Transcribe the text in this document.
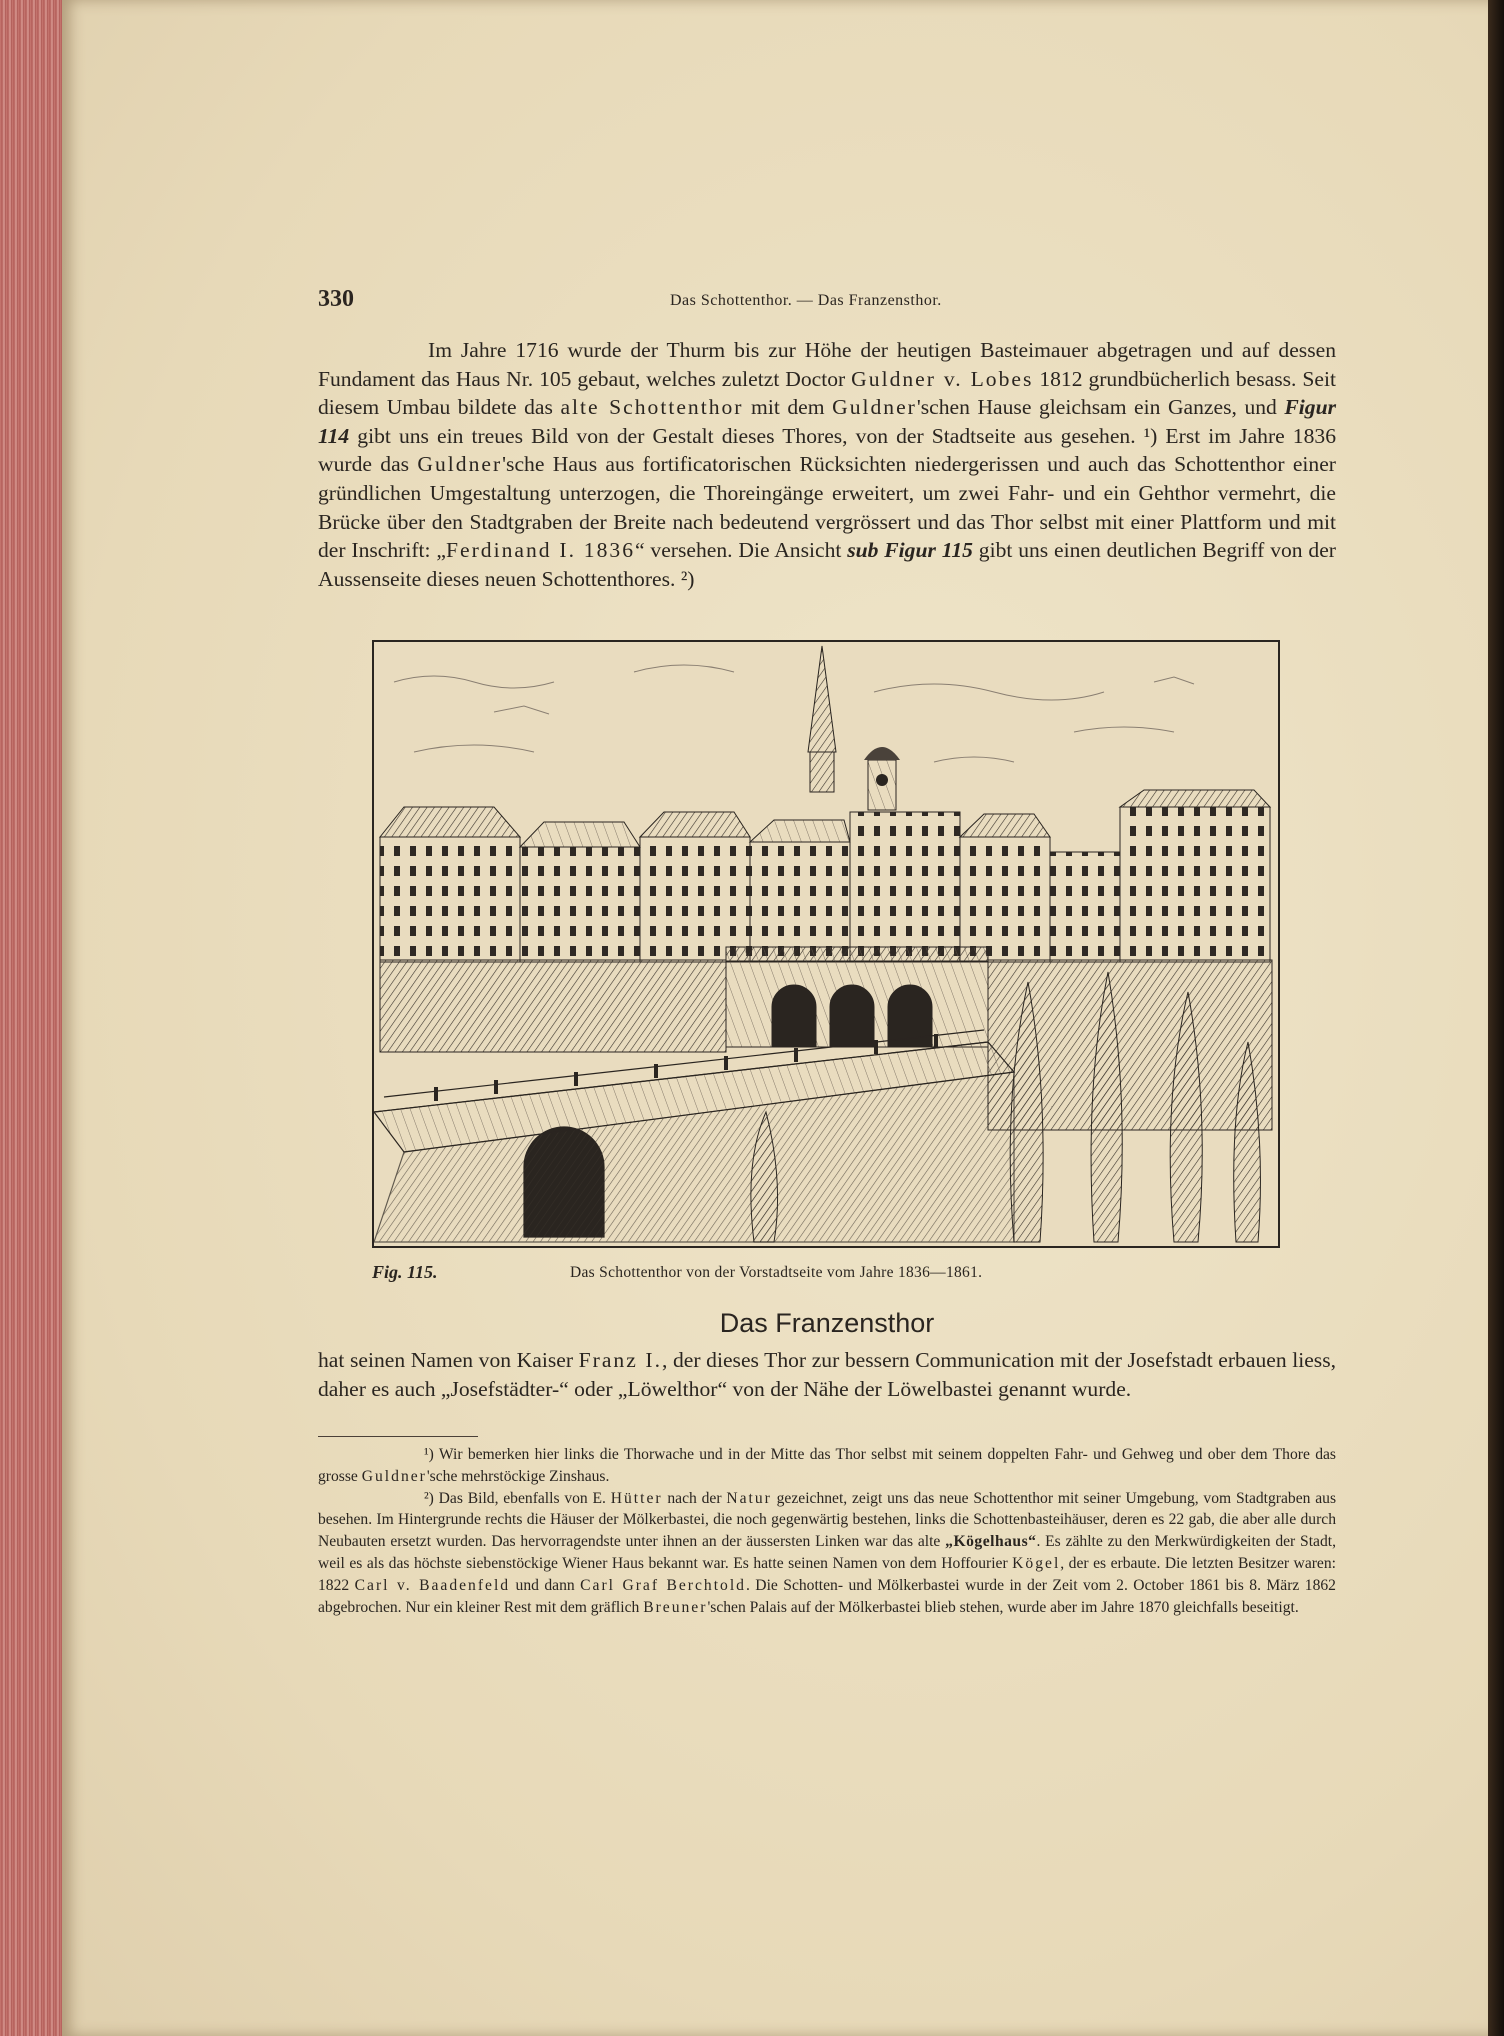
330	Das Schottenthor. — Das Franzensthor.

Im Jahre 1716 wurde der Thurm bis zur Höhe der heutigen Basteimauer abgetragen und auf dessen Fundament das Haus Nr. 105 gebaut, welches zuletzt Doctor Guldner v. Lobes 1812 grundbücherlich besass. Seit diesem Umbau bildete das alte Schottenthor mit dem Guldner'schen Hause gleichsam ein Ganzes, und Figur 114 gibt uns ein treues Bild von der Gestalt dieses Thores, von der Stadtseite aus gesehen. ¹) Erst im Jahre 1836 wurde das Guldner'sche Haus aus fortificatorischen Rücksichten niedergerissen und auch das Schottenthor einer gründlichen Umgestaltung unterzogen, die Thoreingänge erweitert, um zwei Fahr- und ein Gehthor vermehrt, die Brücke über den Stadtgraben der Breite nach bedeutend vergrössert und das Thor selbst mit einer Plattform und mit der Inschrift: „Ferdinand I. 1836“ versehen. Die Ansicht sub Figur 115 gibt uns einen deutlichen Begriff von der Aussenseite dieses neuen Schottenthores. ²)

Fig. 115.	Das Schottenthor von der Vorstadtseite vom Jahre 1836—1861.
Das Franzensthor

hat seinen Namen von Kaiser Franz I., der dieses Thor zur bessern Communication mit der Josefstadt erbauen liess, daher es auch „Josefstädter-“ oder „Löwelthor“ von der Nähe der Löwelbastei genannt wurde.

¹) Wir bemerken hier links die Thorwache und in der Mitte das Thor selbst mit seinem doppelten Fahr- und Gehweg und ober dem Thore das grosse Guldner'sche mehrstöckige Zinshaus.

²) Das Bild, ebenfalls von E. Hütter nach der Natur gezeichnet, zeigt uns das neue Schottenthor mit seiner Umgebung, vom Stadtgraben aus besehen. Im Hintergrunde rechts die Häuser der Mölkerbastei, die noch gegenwärtig bestehen, links die Schottenbasteihäuser, deren es 22 gab, die aber alle durch Neubauten ersetzt wurden. Das hervorragendste unter ihnen an der äussersten Linken war das alte „Kögelhaus“. Es zählte zu den Merkwürdigkeiten der Stadt, weil es als das höchste siebenstöckige Wiener Haus bekannt war. Es hatte seinen Namen von dem Hoffourier Kögel, der es erbaute. Die letzten Besitzer waren: 1822 Carl v. Baadenfeld und dann Carl Graf Berchtold. Die Schotten- und Mölkerbastei wurde in der Zeit vom 2. October 1861 bis 8. März 1862 abgebrochen. Nur ein kleiner Rest mit dem gräflich Breuner'schen Palais auf der Mölkerbastei blieb stehen, wurde aber im Jahre 1870 gleichfalls beseitigt.
